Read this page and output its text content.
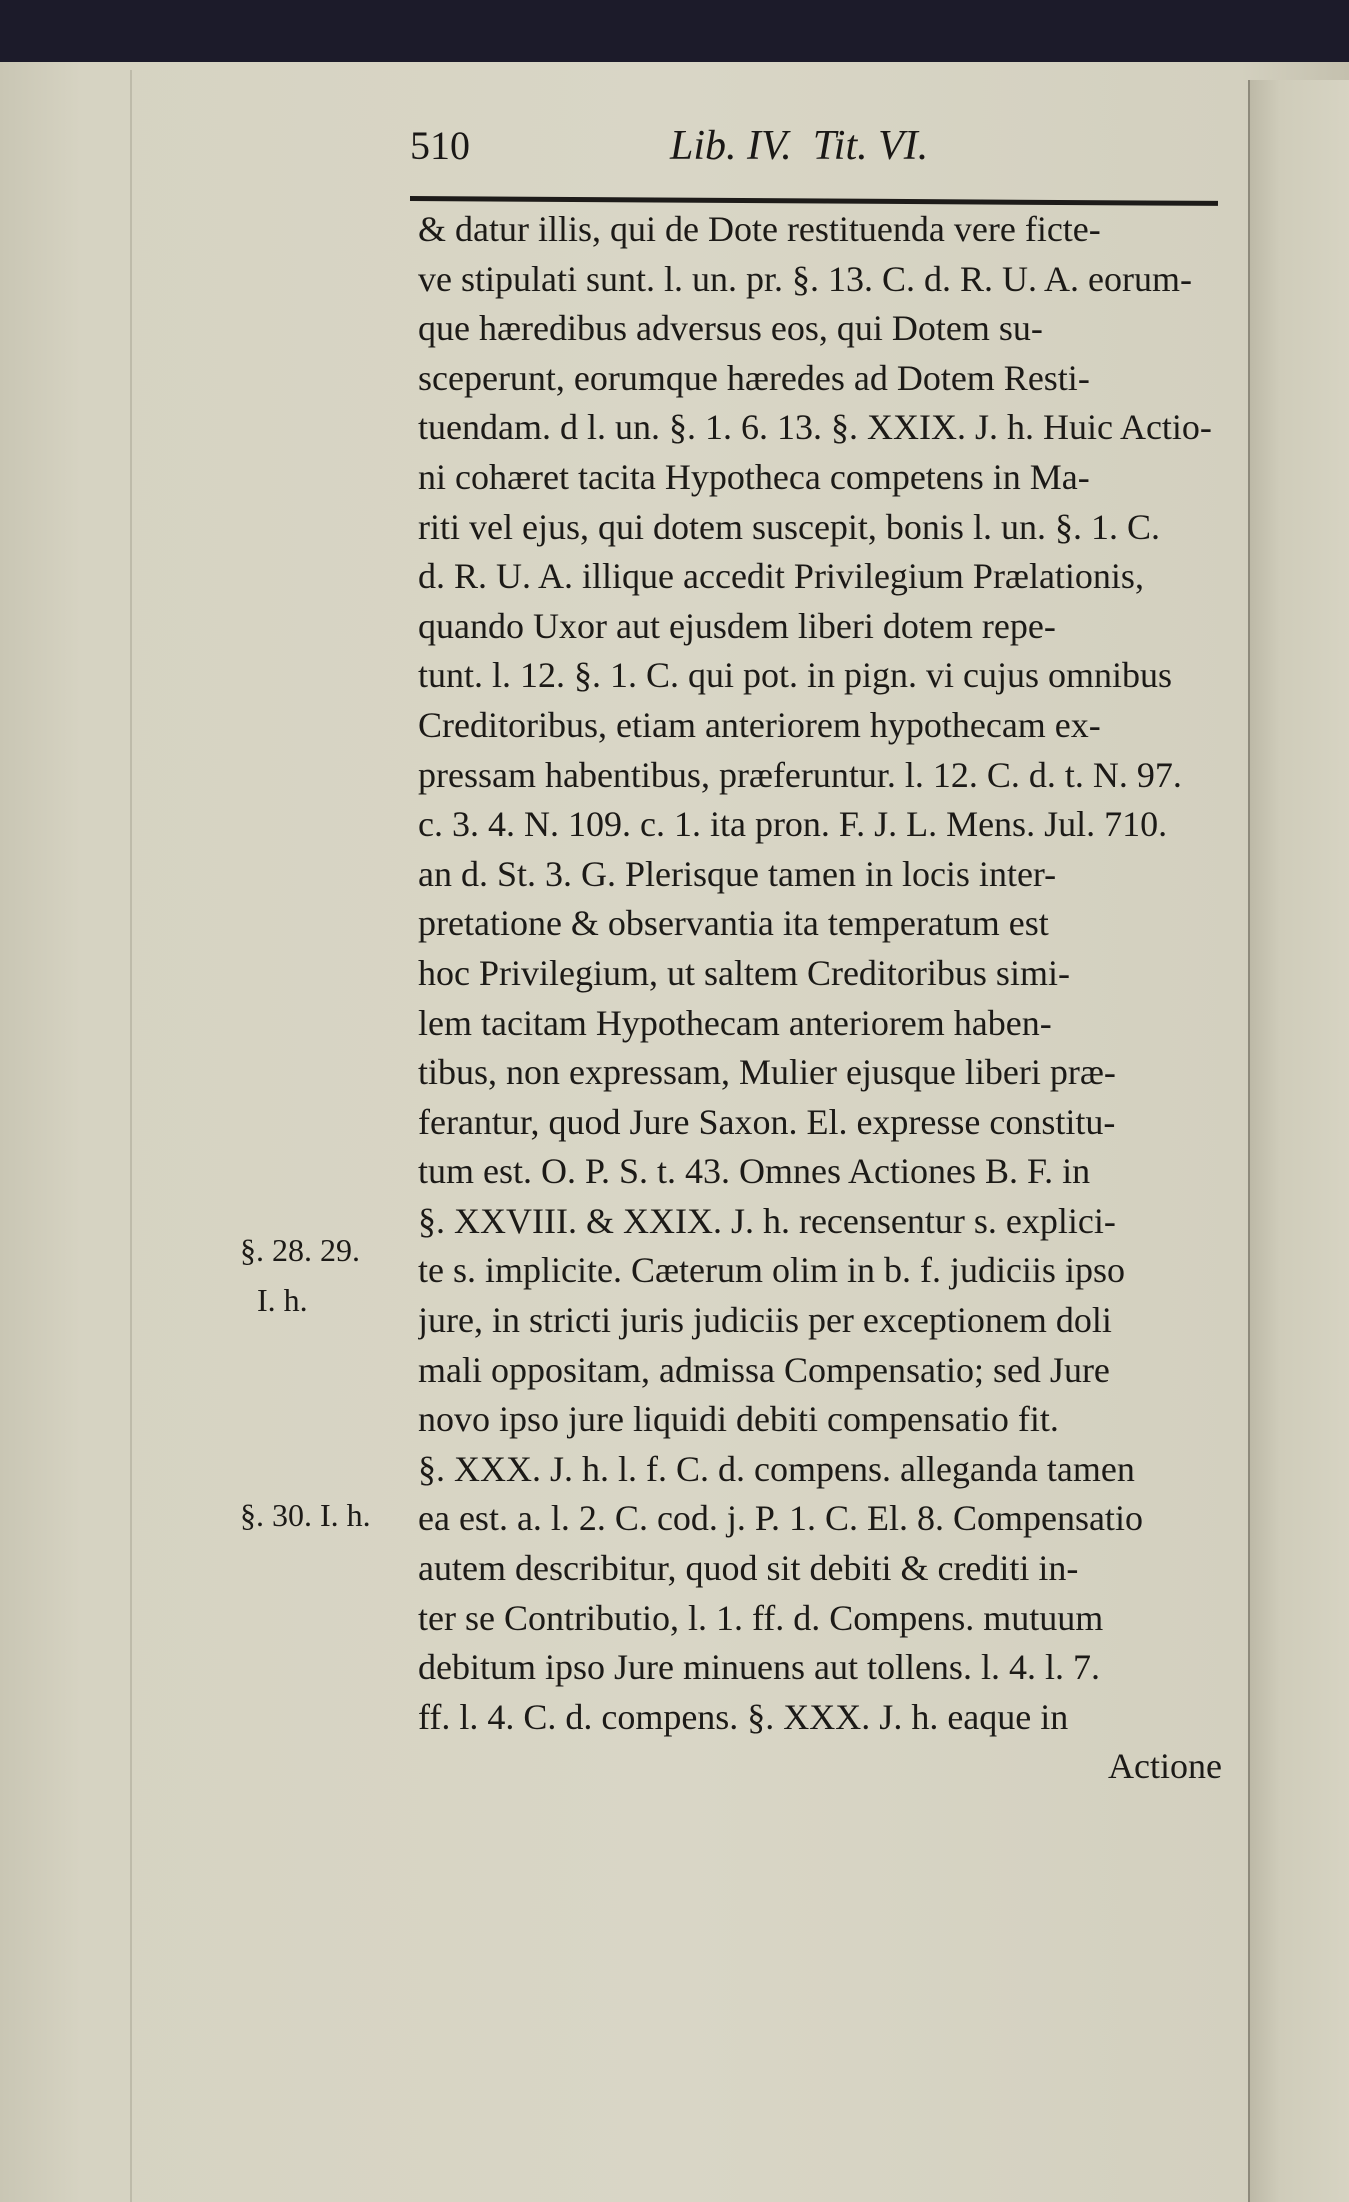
510	Lib. IV.  Tit. VI.
& datur illis, qui de Dote restituenda vere ficte-
ve stipulati sunt. l. un. pr. §. 13. C. d. R. U. A. eorum-
que hæredibus adversus eos, qui Dotem su-
sceperunt, eorumque hæredes ad Dotem Resti-
tuendam. d l. un. §. 1. 6. 13. §. XXIX. J. h. Huic Actio-
ni cohæret tacita Hypotheca competens in Ma-
riti vel ejus, qui dotem suscepit, bonis l. un. §. 1. C.
d. R. U. A. illique accedit Privilegium Prælationis,
quando Uxor aut ejusdem liberi dotem repe-
tunt. l. 12. §. 1. C. qui pot. in pign. vi cujus omnibus
Creditoribus, etiam anteriorem hypothecam ex-
pressam habentibus, præferuntur. l. 12. C. d. t. N. 97.
c. 3. 4. N. 109. c. 1. ita pron. F. J. L. Mens. Jul. 710.
an d. St. 3. G. Plerisque tamen in locis inter-
pretatione & observantia ita temperatum est
hoc Privilegium, ut saltem Creditoribus simi-
lem tacitam Hypothecam anteriorem haben-
tibus, non expressam, Mulier ejusque liberi præ-
ferantur, quod Jure Saxon. El. expresse constitu-
tum est. O. P. S. t. 43. Omnes Actiones B. F. in
§. XXVIII. & XXIX. J. h. recensentur s. explici-
te s. implicite. Cæterum olim in b. f. judiciis ipso
jure, in stricti juris judiciis per exceptionem doli
mali oppositam, admissa Compensatio; sed Jure
novo ipso jure liquidi debiti compensatio fit.
§. XXX. J. h. l. f. C. d. compens. alleganda tamen
ea est. a. l. 2. C. cod. j. P. 1. C. El. 8. Compensatio
autem describitur, quod sit debiti & crediti in-
ter se Contributio, l. 1. ff. d. Compens. mutuum
debitum ipso Jure minuens aut tollens. l. 4. l. 7.
ff. l. 4. C. d. compens. §. XXX. J. h. eaque in
Actione
§. 28. 29.
I. h.
§. 30. I. h.
